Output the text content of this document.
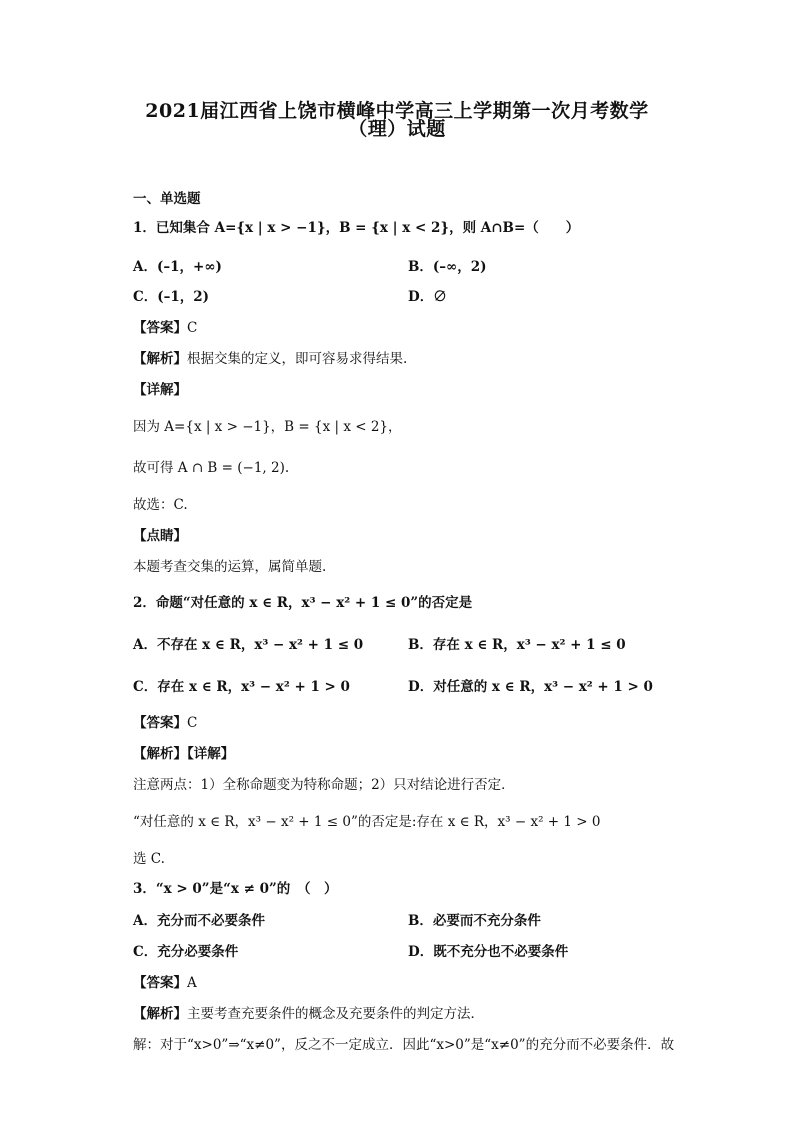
2021届江西省上饶市横峰中学高三上学期第一次月考数学
（理）试题
一、单选题
1．已知集合 A={x | x > −1}，B = {x | x < 2}，则 A∩B=（　　）
A．(–1，+∞)	B．(–∞，2)
C．(–1，2)	D．∅
【答案】C
【解析】根据交集的定义，即可容易求得结果.
【详解】
因为 A={x | x > −1}，B = {x | x < 2}，
故可得 A ∩ B = (−1, 2).
故选：C.
【点睛】
本题考查交集的运算，属简单题.
2．命题“对任意的 x ∈ R，x³ − x² + 1 ≤ 0”的否定是
A．不存在 x ∈ R，x³ − x² + 1 ≤ 0	B．存在 x ∈ R，x³ − x² + 1 ≤ 0
C．存在 x ∈ R，x³ − x² + 1 > 0	D．对任意的 x ∈ R，x³ − x² + 1 > 0
【答案】C
【解析】【详解】
注意两点：1）全称命题变为特称命题；2）只对结论进行否定．
“对任意的 x ∈ R，x³ − x² + 1 ≤ 0”的否定是:存在 x ∈ R，x³ − x² + 1 > 0
选 C.
3．“x > 0”是“x ≠ 0”的　（　）
A．充分而不必要条件	B．必要而不充分条件
C．充分必要条件	D．既不充分也不必要条件
【答案】A
【解析】主要考查充要条件的概念及充要条件的判定方法．
解：对于“x>0”⇒“x≠0”，反之不一定成立．因此“x>0”是“x≠0”的充分而不必要条件．故
